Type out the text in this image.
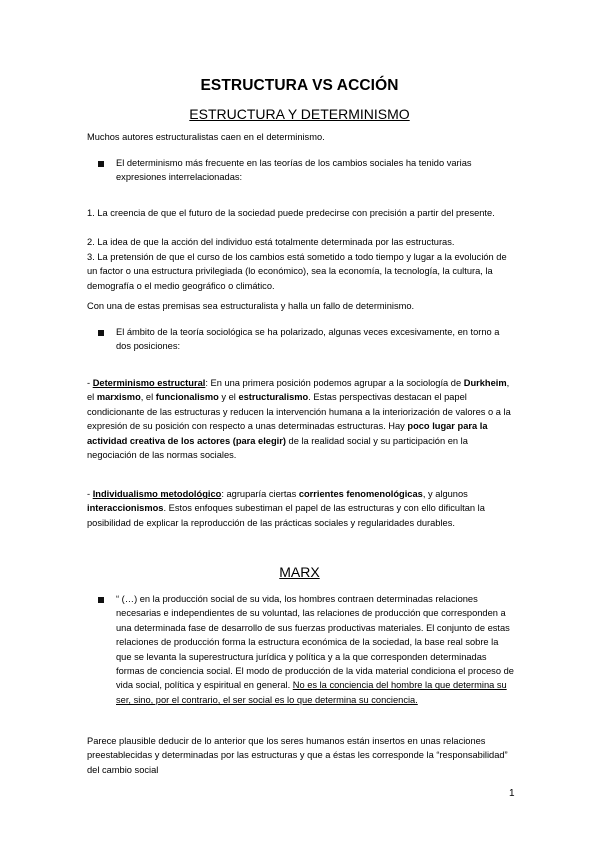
ESTRUCTURA VS ACCIÓN
ESTRUCTURA Y DETERMINISMO
Muchos autores estructuralistas caen en el determinismo.
El determinismo más frecuente en las teorías de los cambios sociales ha tenido varias expresiones interrelacionadas:
1. La creencia de que el futuro de la sociedad puede predecirse con precisión a partir del presente.
2. La idea de que la acción del individuo está totalmente determinada por las estructuras.
3. La pretensión de que el curso de los cambios está sometido a todo tiempo y lugar a la evolución de un factor o una estructura privilegiada (lo económico), sea la economía, la tecnología, la cultura, la demografía o el medio geográfico o climático.
Con una de estas premisas sea estructuralista y halla un fallo de determinismo.
El ámbito de la teoría sociológica se ha polarizado, algunas veces excesivamente, en torno a dos posiciones:
- Determinismo estructural: En una primera posición podemos agrupar a la sociología de Durkheim, el marxismo, el funcionalismo y el estructuralismo. Estas perspectivas destacan el papel condicionante de las estructuras y reducen la intervención humana a la interiorización de valores o a la expresión de su posición con respecto a unas determinadas estructuras. Hay poco lugar para la actividad creativa de los actores (para elegir) de la realidad social y su participación en la negociación de las normas sociales.
- Individualismo metodológico: agruparía ciertas corrientes fenomenológicas, y algunos interaccionismos. Estos enfoques subestiman el papel de las estructuras y con ello dificultan la posibilidad de explicar la reproducción de las prácticas sociales y regularidades durables.
MARX
“ (…) en la producción social de su vida, los hombres contraen determinadas relaciones necesarias e independientes de su voluntad, las relaciones de producción que corresponden a una determinada fase de desarrollo de sus fuerzas productivas materiales. El conjunto de estas relaciones de producción forma la estructura económica de la sociedad, la base real sobre la que se levanta la superestructura jurídica y política y a la que corresponden determinadas formas de conciencia social. El modo de producción de la vida material condiciona el proceso de vida social, política y espiritual en general. No es la conciencia del hombre la que determina su ser, sino, por el contrario, el ser social es lo que determina su conciencia.
Parece plausible deducir de lo anterior que los seres humanos están insertos en unas relaciones preestablecidas y determinadas por las estructuras y que a éstas les corresponde la “responsabilidad” del cambio social
1
